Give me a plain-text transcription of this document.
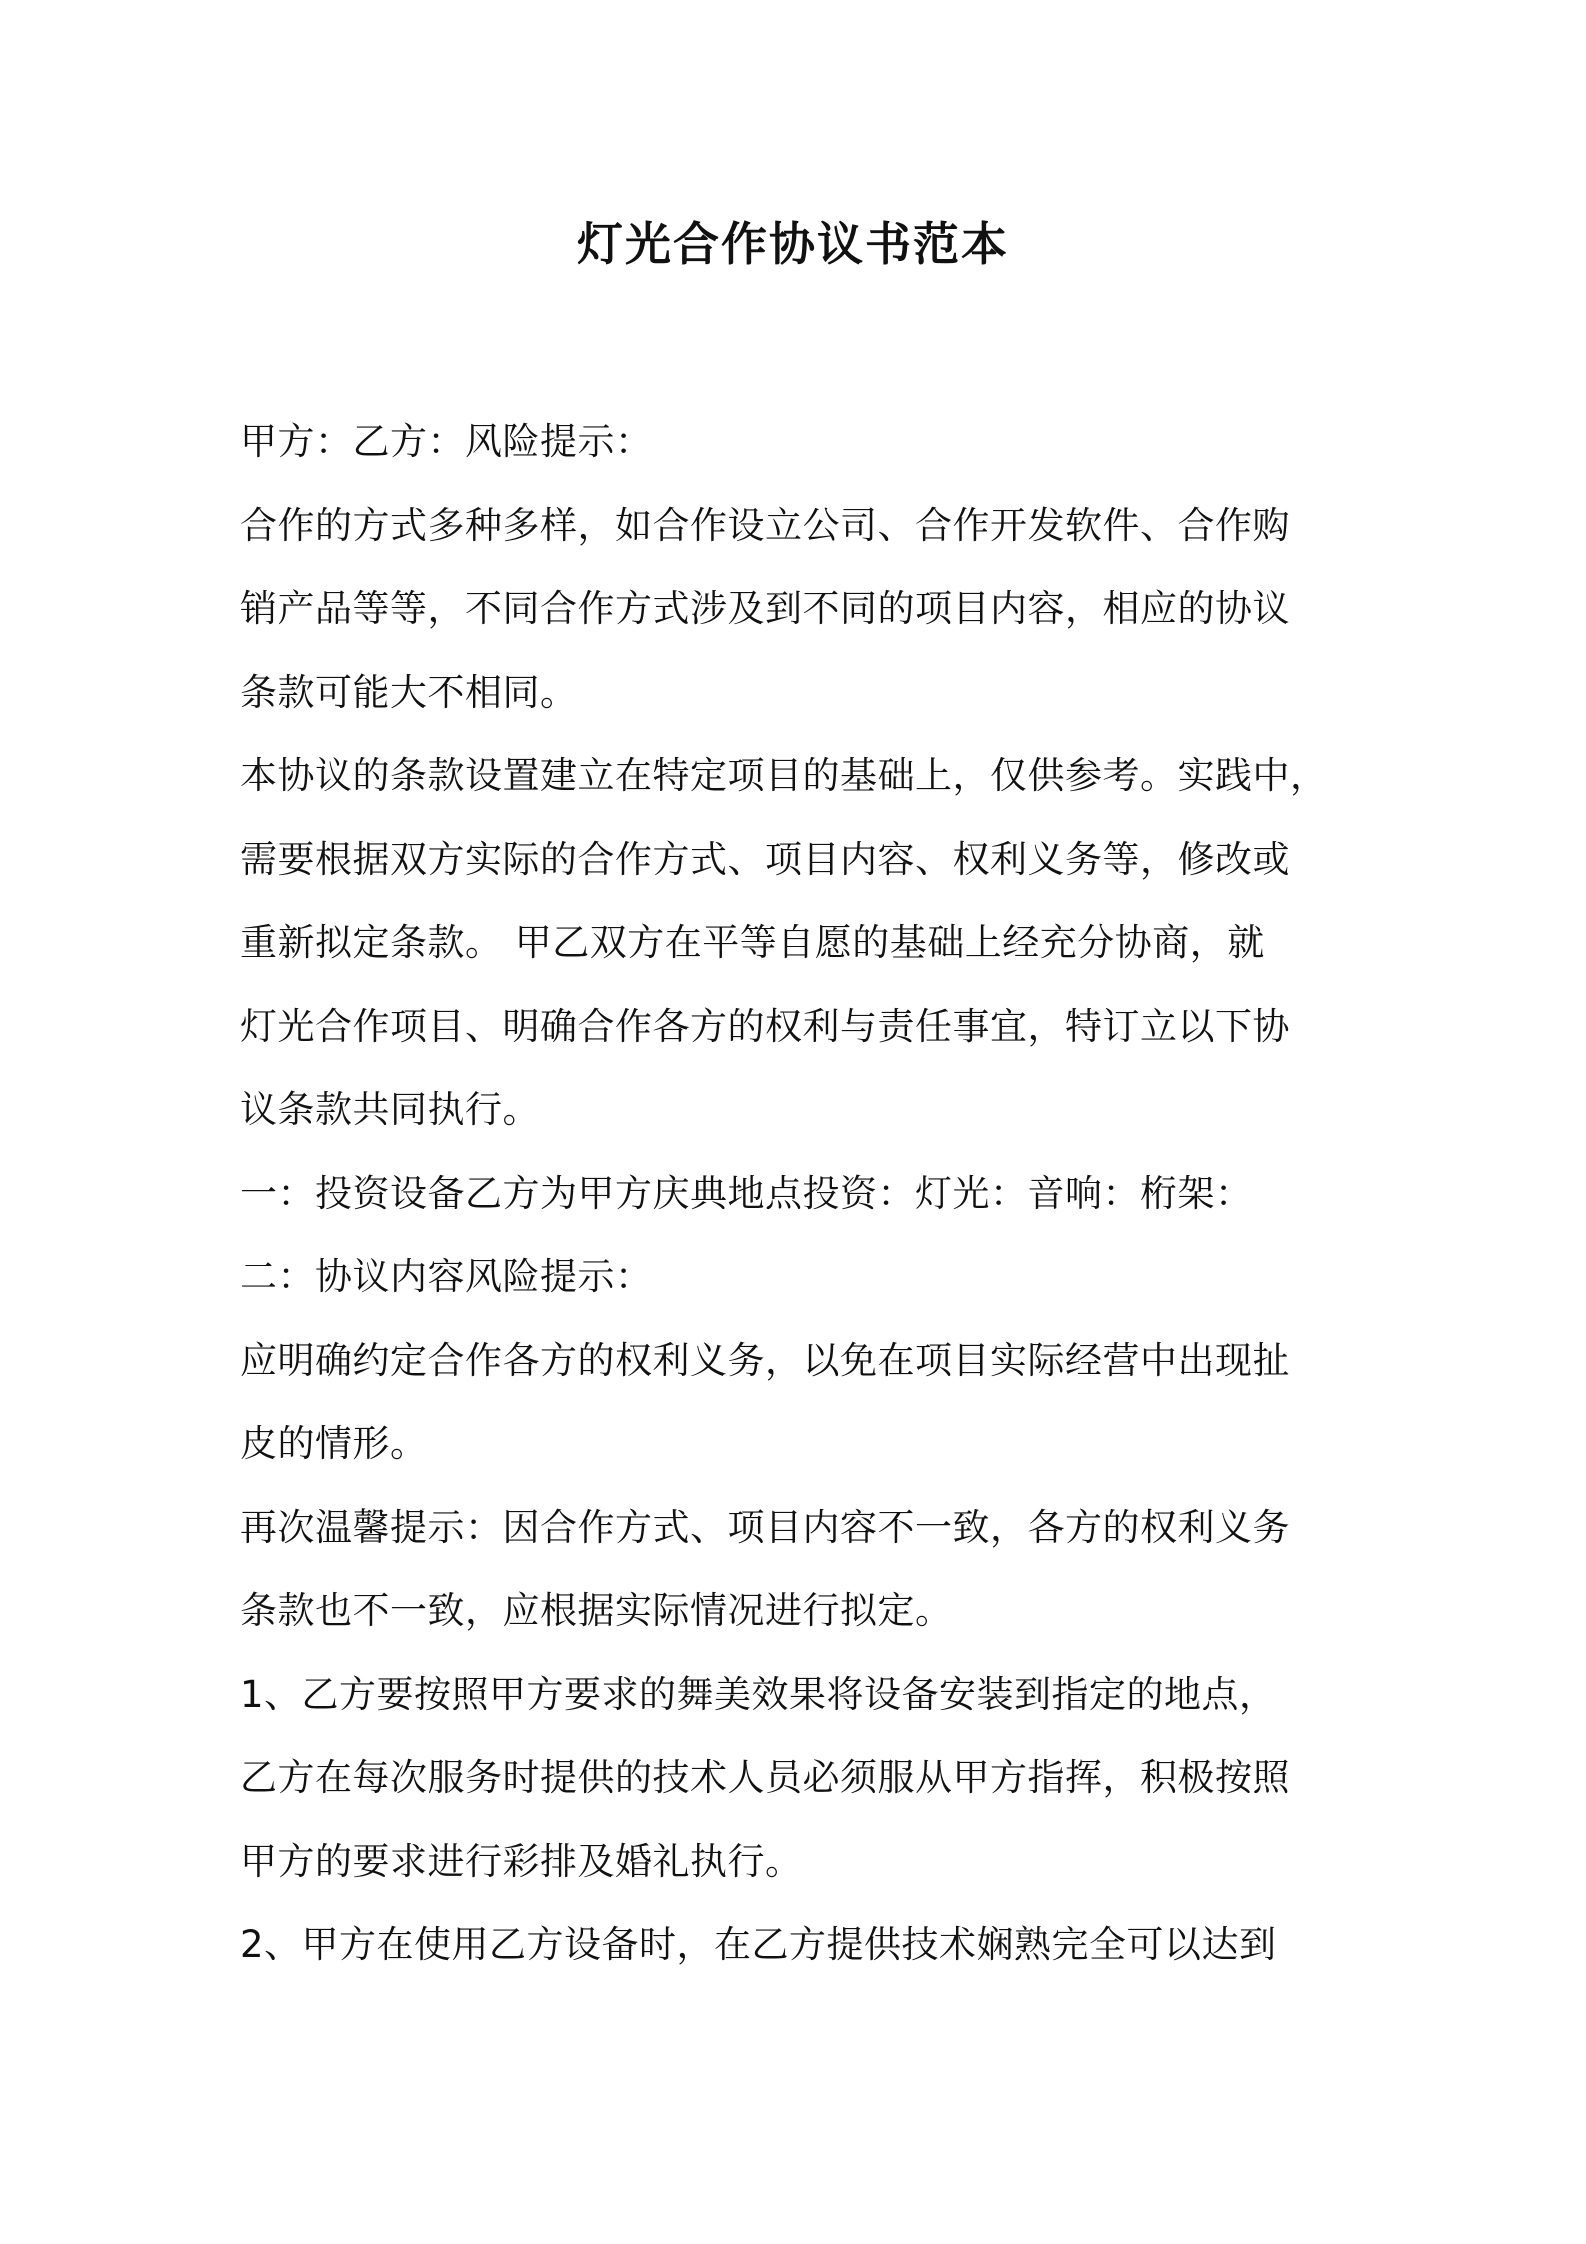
灯光合作协议书范本

甲方：乙方：风险提示：

合作的方式多种多样，如合作设立公司、合作开发软件、合作购

销产品等等，不同合作方式涉及到不同的项目内容，相应的协议

条款可能大不相同。

本协议的条款设置建立在特定项目的基础上，仅供参考。实践中，

需要根据双方实际的合作方式、项目内容、权利义务等，修改或

重新拟定条款。 甲乙双方在平等自愿的基础上经充分协商，就

灯光合作项目、明确合作各方的权利与责任事宜，特订立以下协

议条款共同执行。

一：投资设备乙方为甲方庆典地点投资：灯光：音响：桁架：

二：协议内容风险提示：

应明确约定合作各方的权利义务，以免在项目实际经营中出现扯

皮的情形。

再次温馨提示：因合作方式、项目内容不一致，各方的权利义务

条款也不一致，应根据实际情况进行拟定。

1、乙方要按照甲方要求的舞美效果将设备安装到指定的地点，

乙方在每次服务时提供的技术人员必须服从甲方指挥，积极按照

甲方的要求进行彩排及婚礼执行。

2、甲方在使用乙方设备时，在乙方提供技术娴熟完全可以达到
